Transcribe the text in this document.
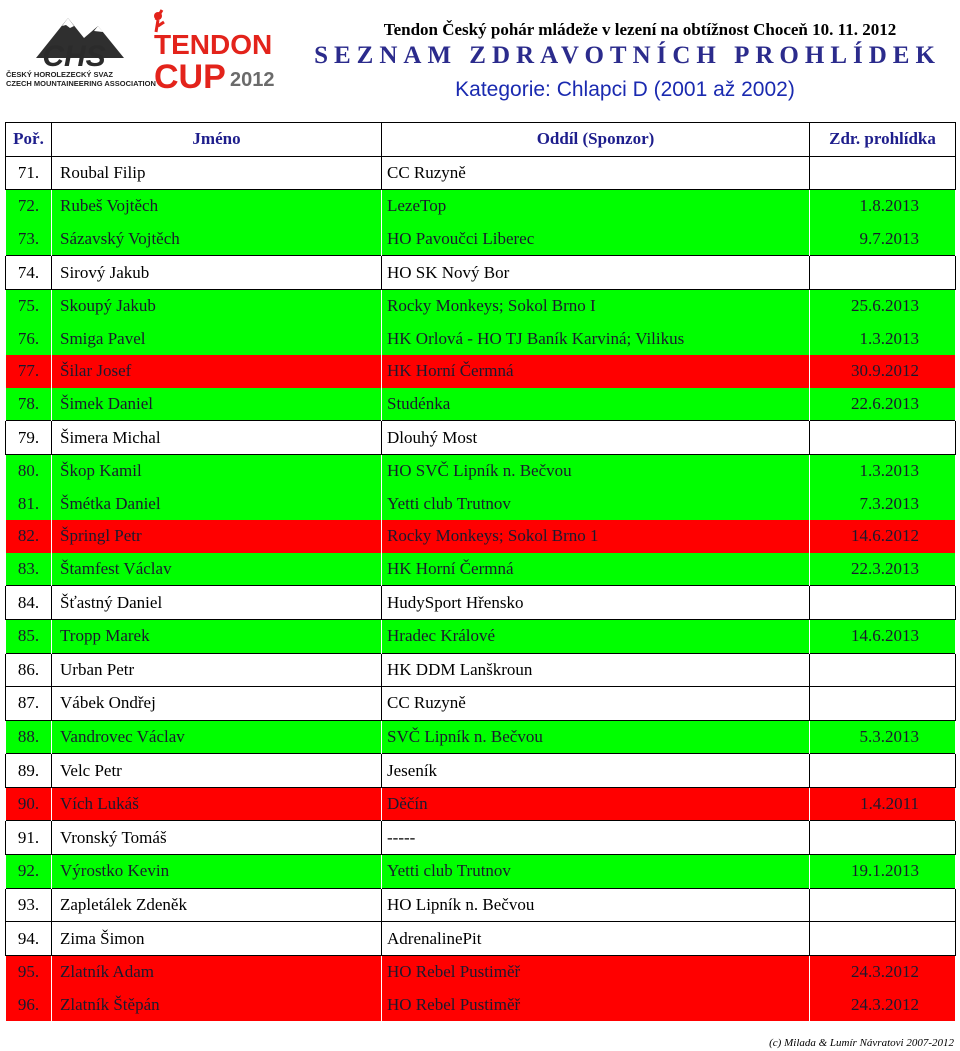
CHS
ČESKÝ HOROLEZECKÝ SVAZ
CZECH MOUNTAINEERING ASSOCIATION
TENDON
CUP 2012
Tendon Český pohár mládeže v lezení na obtížnost Choceň 10. 11. 2012
SEZNAM ZDRAVOTNÍCH PROHLÍDEK
Kategorie: Chlapci D (2001 až 2002)
Poř.	Jméno	Oddíl (Sponzor)	Zdr. prohlídka
71.	Roubal Filip	CC Ruzyně	
72.	Rubeš Vojtěch	LezeTop	1.8.2013
73.	Sázavský Vojtěch	HO Pavoučci Liberec	9.7.2013
74.	Sirový Jakub	HO SK Nový Bor	
75.	Skoupý Jakub	Rocky Monkeys; Sokol Brno I	25.6.2013
76.	Smiga Pavel	HK Orlová - HO TJ Baník Karviná; Vilikus	1.3.2013
77.	Šilar Josef	HK Horní Čermná	30.9.2012
78.	Šimek Daniel	Studénka	22.6.2013
79.	Šimera Michal	Dlouhý Most	
80.	Škop Kamil	HO SVČ Lipník n. Bečvou	1.3.2013
81.	Šmétka Daniel	Yetti club Trutnov	7.3.2013
82.	Špringl Petr	Rocky Monkeys; Sokol Brno 1	14.6.2012
83.	Štamfest Václav	HK Horní Čermná	22.3.2013
84.	Šťastný Daniel	HudySport Hřensko	
85.	Tropp Marek	Hradec Králové	14.6.2013
86.	Urban Petr	HK DDM Lanškroun	
87.	Vábek Ondřej	CC Ruzyně	
88.	Vandrovec Václav	SVČ Lipník n. Bečvou	5.3.2013
89.	Velc Petr	Jeseník	
90.	Vích Lukáš	Děčín	1.4.2011
91.	Vronský Tomáš	-----	
92.	Výrostko Kevin	Yetti club Trutnov	19.1.2013
93.	Zapletálek Zdeněk	HO Lipník n. Bečvou	
94.	Zima Šimon	AdrenalinePit	
95.	Zlatník Adam	HO Rebel Pustiměř	24.3.2012
96.	Zlatník Štěpán	HO Rebel Pustiměř	24.3.2012
(c) Milada & Lumír Návratovi 2007-2012
